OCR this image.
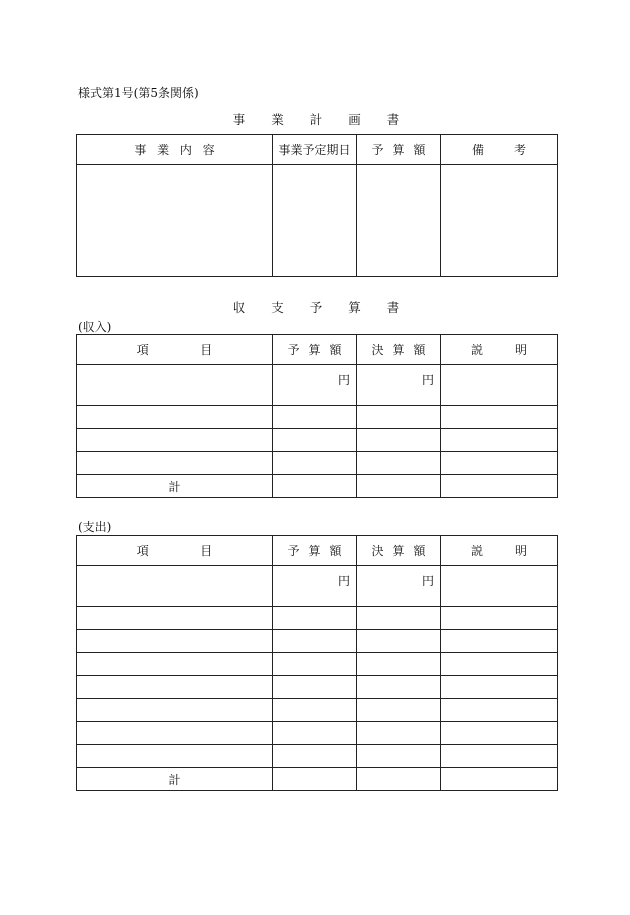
様式第1号(第5条関係)
事 業 計 画 書
事 業 内 容	事業予定期日	予 算 額	備 考

収 支 予 算 書
(収入)
項 目	予 算 額	決 算 額	説 明

	円	円	

計			
(支出)
項 目	予 算 額	決 算 額	説 明

	円	円	

計			
